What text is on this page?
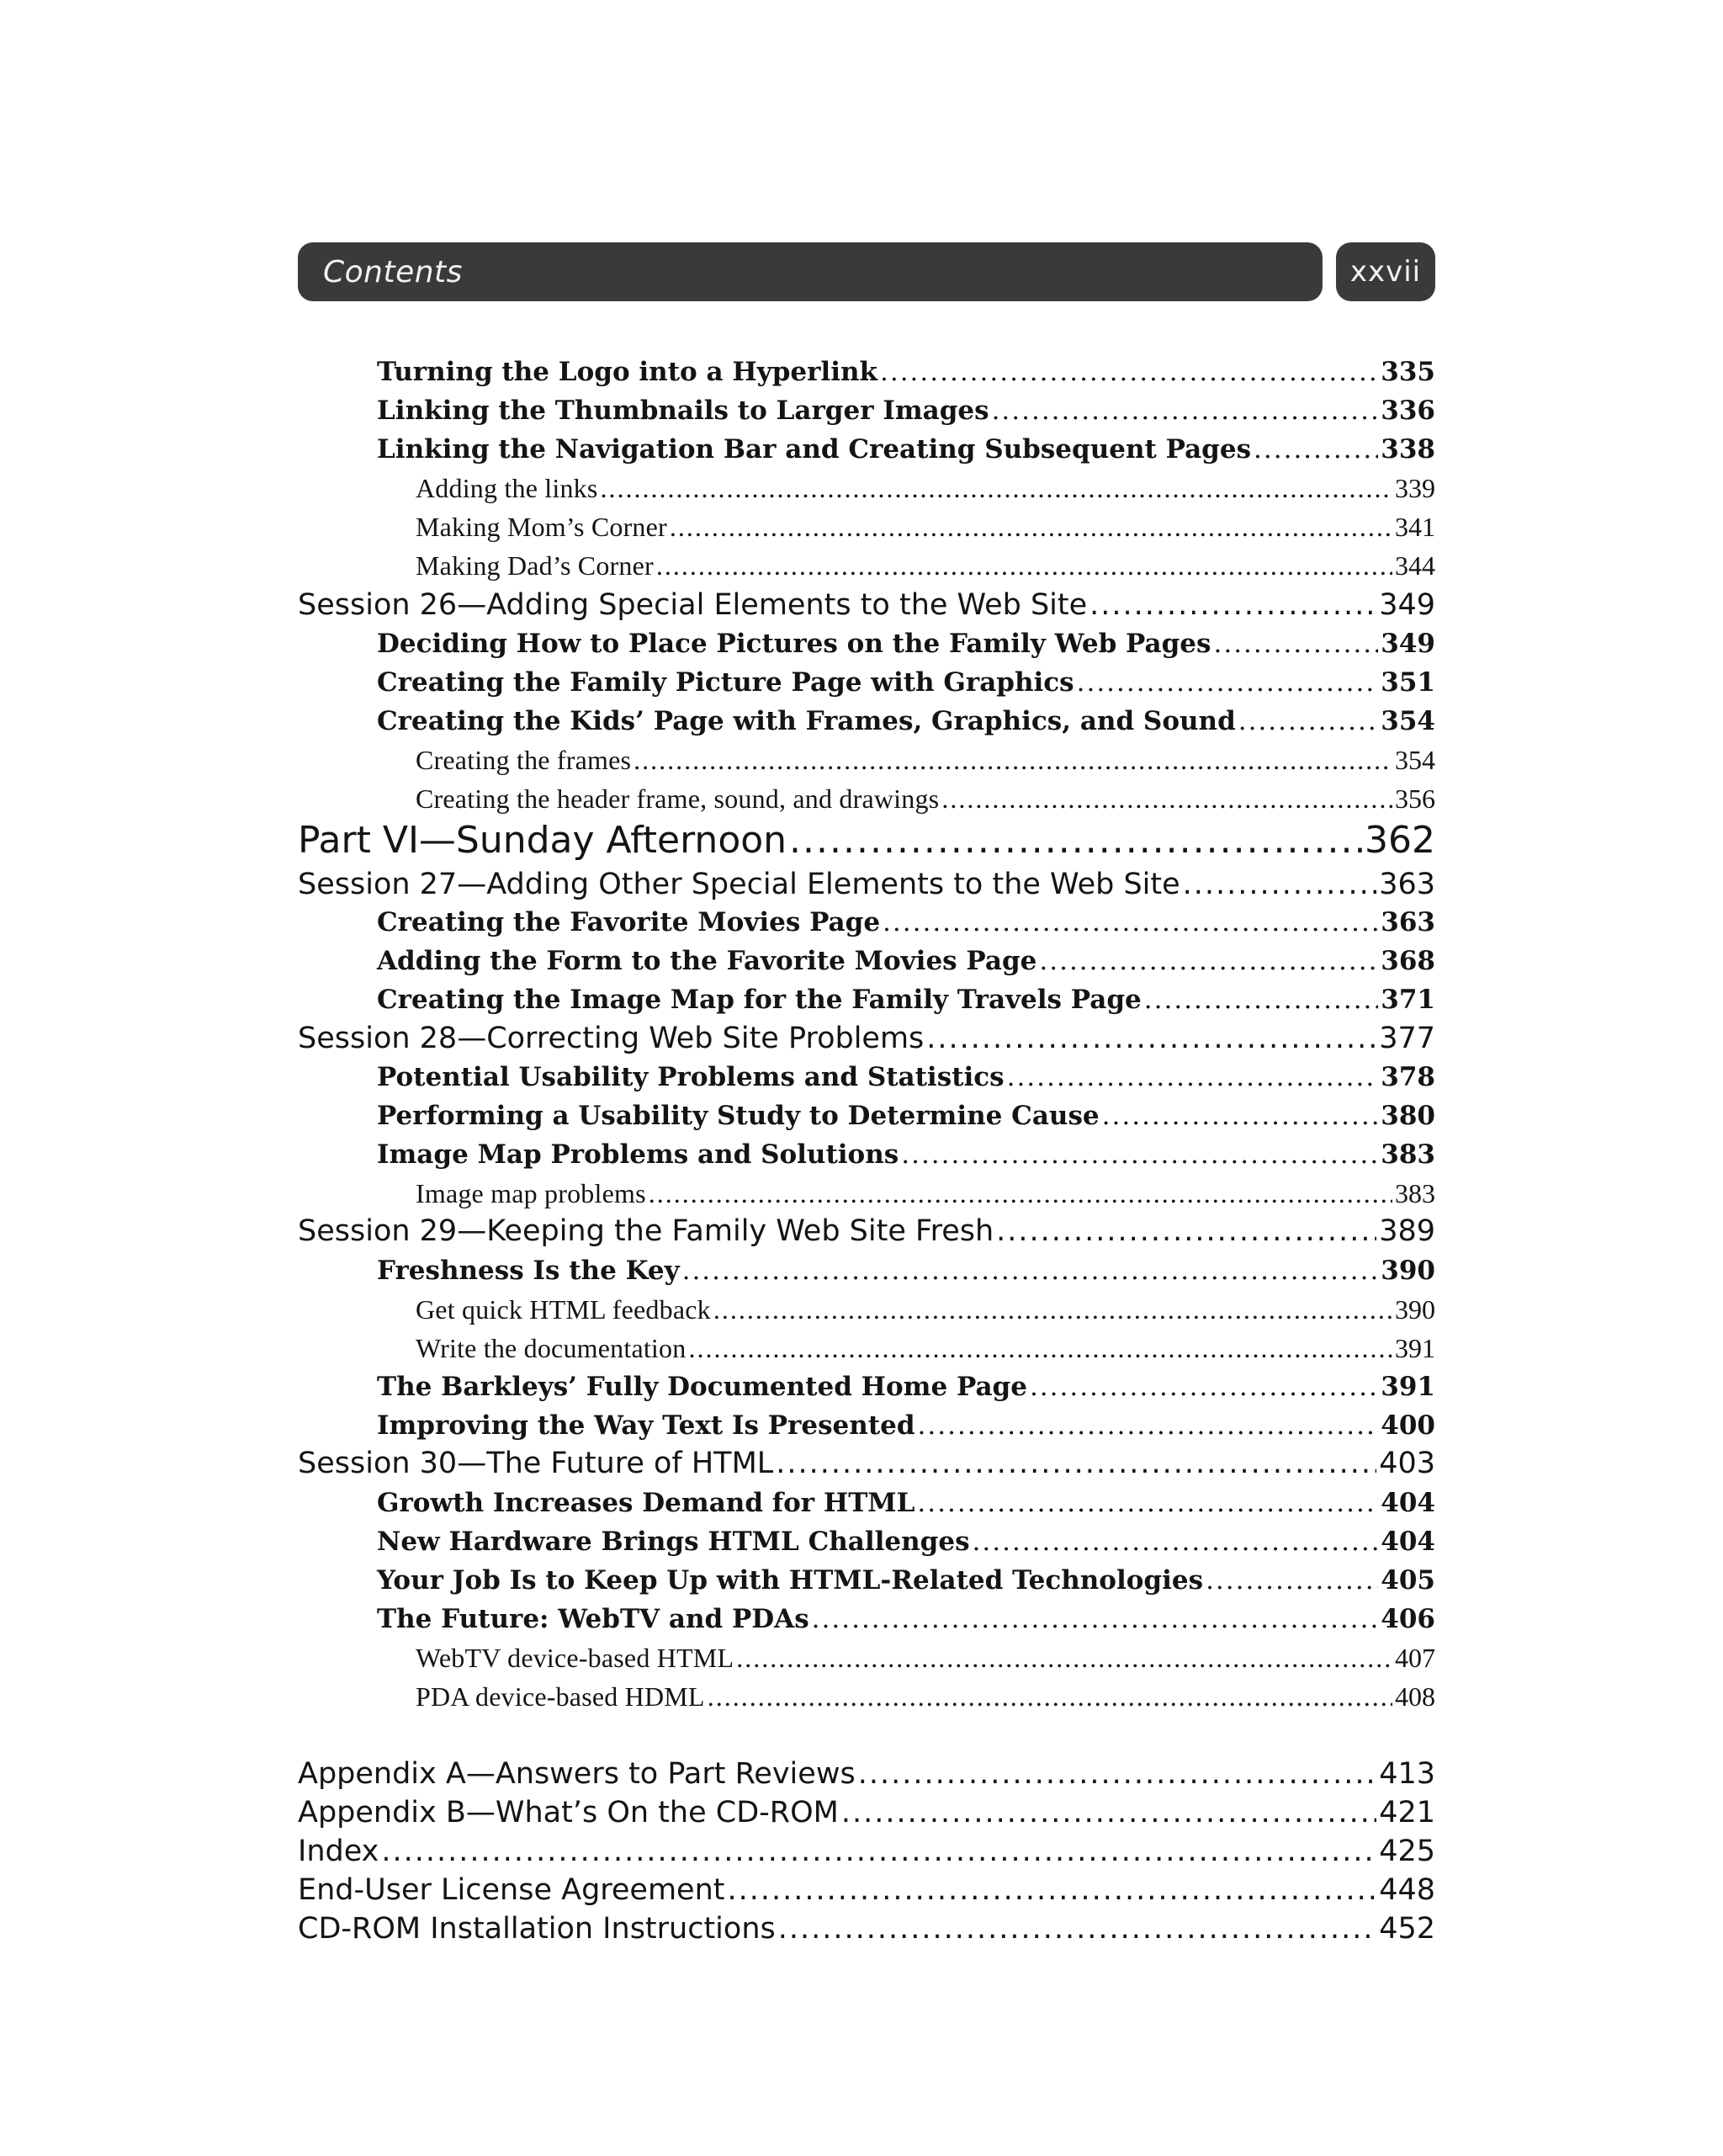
Contents	xxvii
Turning the Logo into a Hyperlink .....	335
Linking the Thumbnails to Larger Images .....	336
Linking the Navigation Bar and Creating Subsequent Pages .....	338
Adding the links .....	339
Making Mom’s Corner .....	341
Making Dad’s Corner .....	344
Session 26—Adding Special Elements to the Web Site .....	349
Deciding How to Place Pictures on the Family Web Pages .....	349
Creating the Family Picture Page with Graphics .....	351
Creating the Kids’ Page with Frames, Graphics, and Sound .....	354
Creating the frames .....	354
Creating the header frame, sound, and drawings .....	356
Part VI—Sunday Afternoon .....	362
Session 27—Adding Other Special Elements to the Web Site .....	363
Creating the Favorite Movies Page .....	363
Adding the Form to the Favorite Movies Page .....	368
Creating the Image Map for the Family Travels Page .....	371
Session 28—Correcting Web Site Problems .....	377
Potential Usability Problems and Statistics .....	378
Performing a Usability Study to Determine Cause .....	380
Image Map Problems and Solutions .....	383
Image map problems .....	383
Session 29—Keeping the Family Web Site Fresh .....	389
Freshness Is the Key .....	390
Get quick HTML feedback .....	390
Write the documentation .....	391
The Barkleys’ Fully Documented Home Page .....	391
Improving the Way Text Is Presented .....	400
Session 30—The Future of HTML .....	403
Growth Increases Demand for HTML .....	404
New Hardware Brings HTML Challenges .....	404
Your Job Is to Keep Up with HTML-Related Technologies .....	405
The Future: WebTV and PDAs .....	406
WebTV device-based HTML .....	407
PDA device-based HDML .....	408
Appendix A—Answers to Part Reviews .....	413
Appendix B—What’s On the CD-ROM .....	421
Index .....	425
End-User License Agreement .....	448
CD-ROM Installation Instructions .....	452
